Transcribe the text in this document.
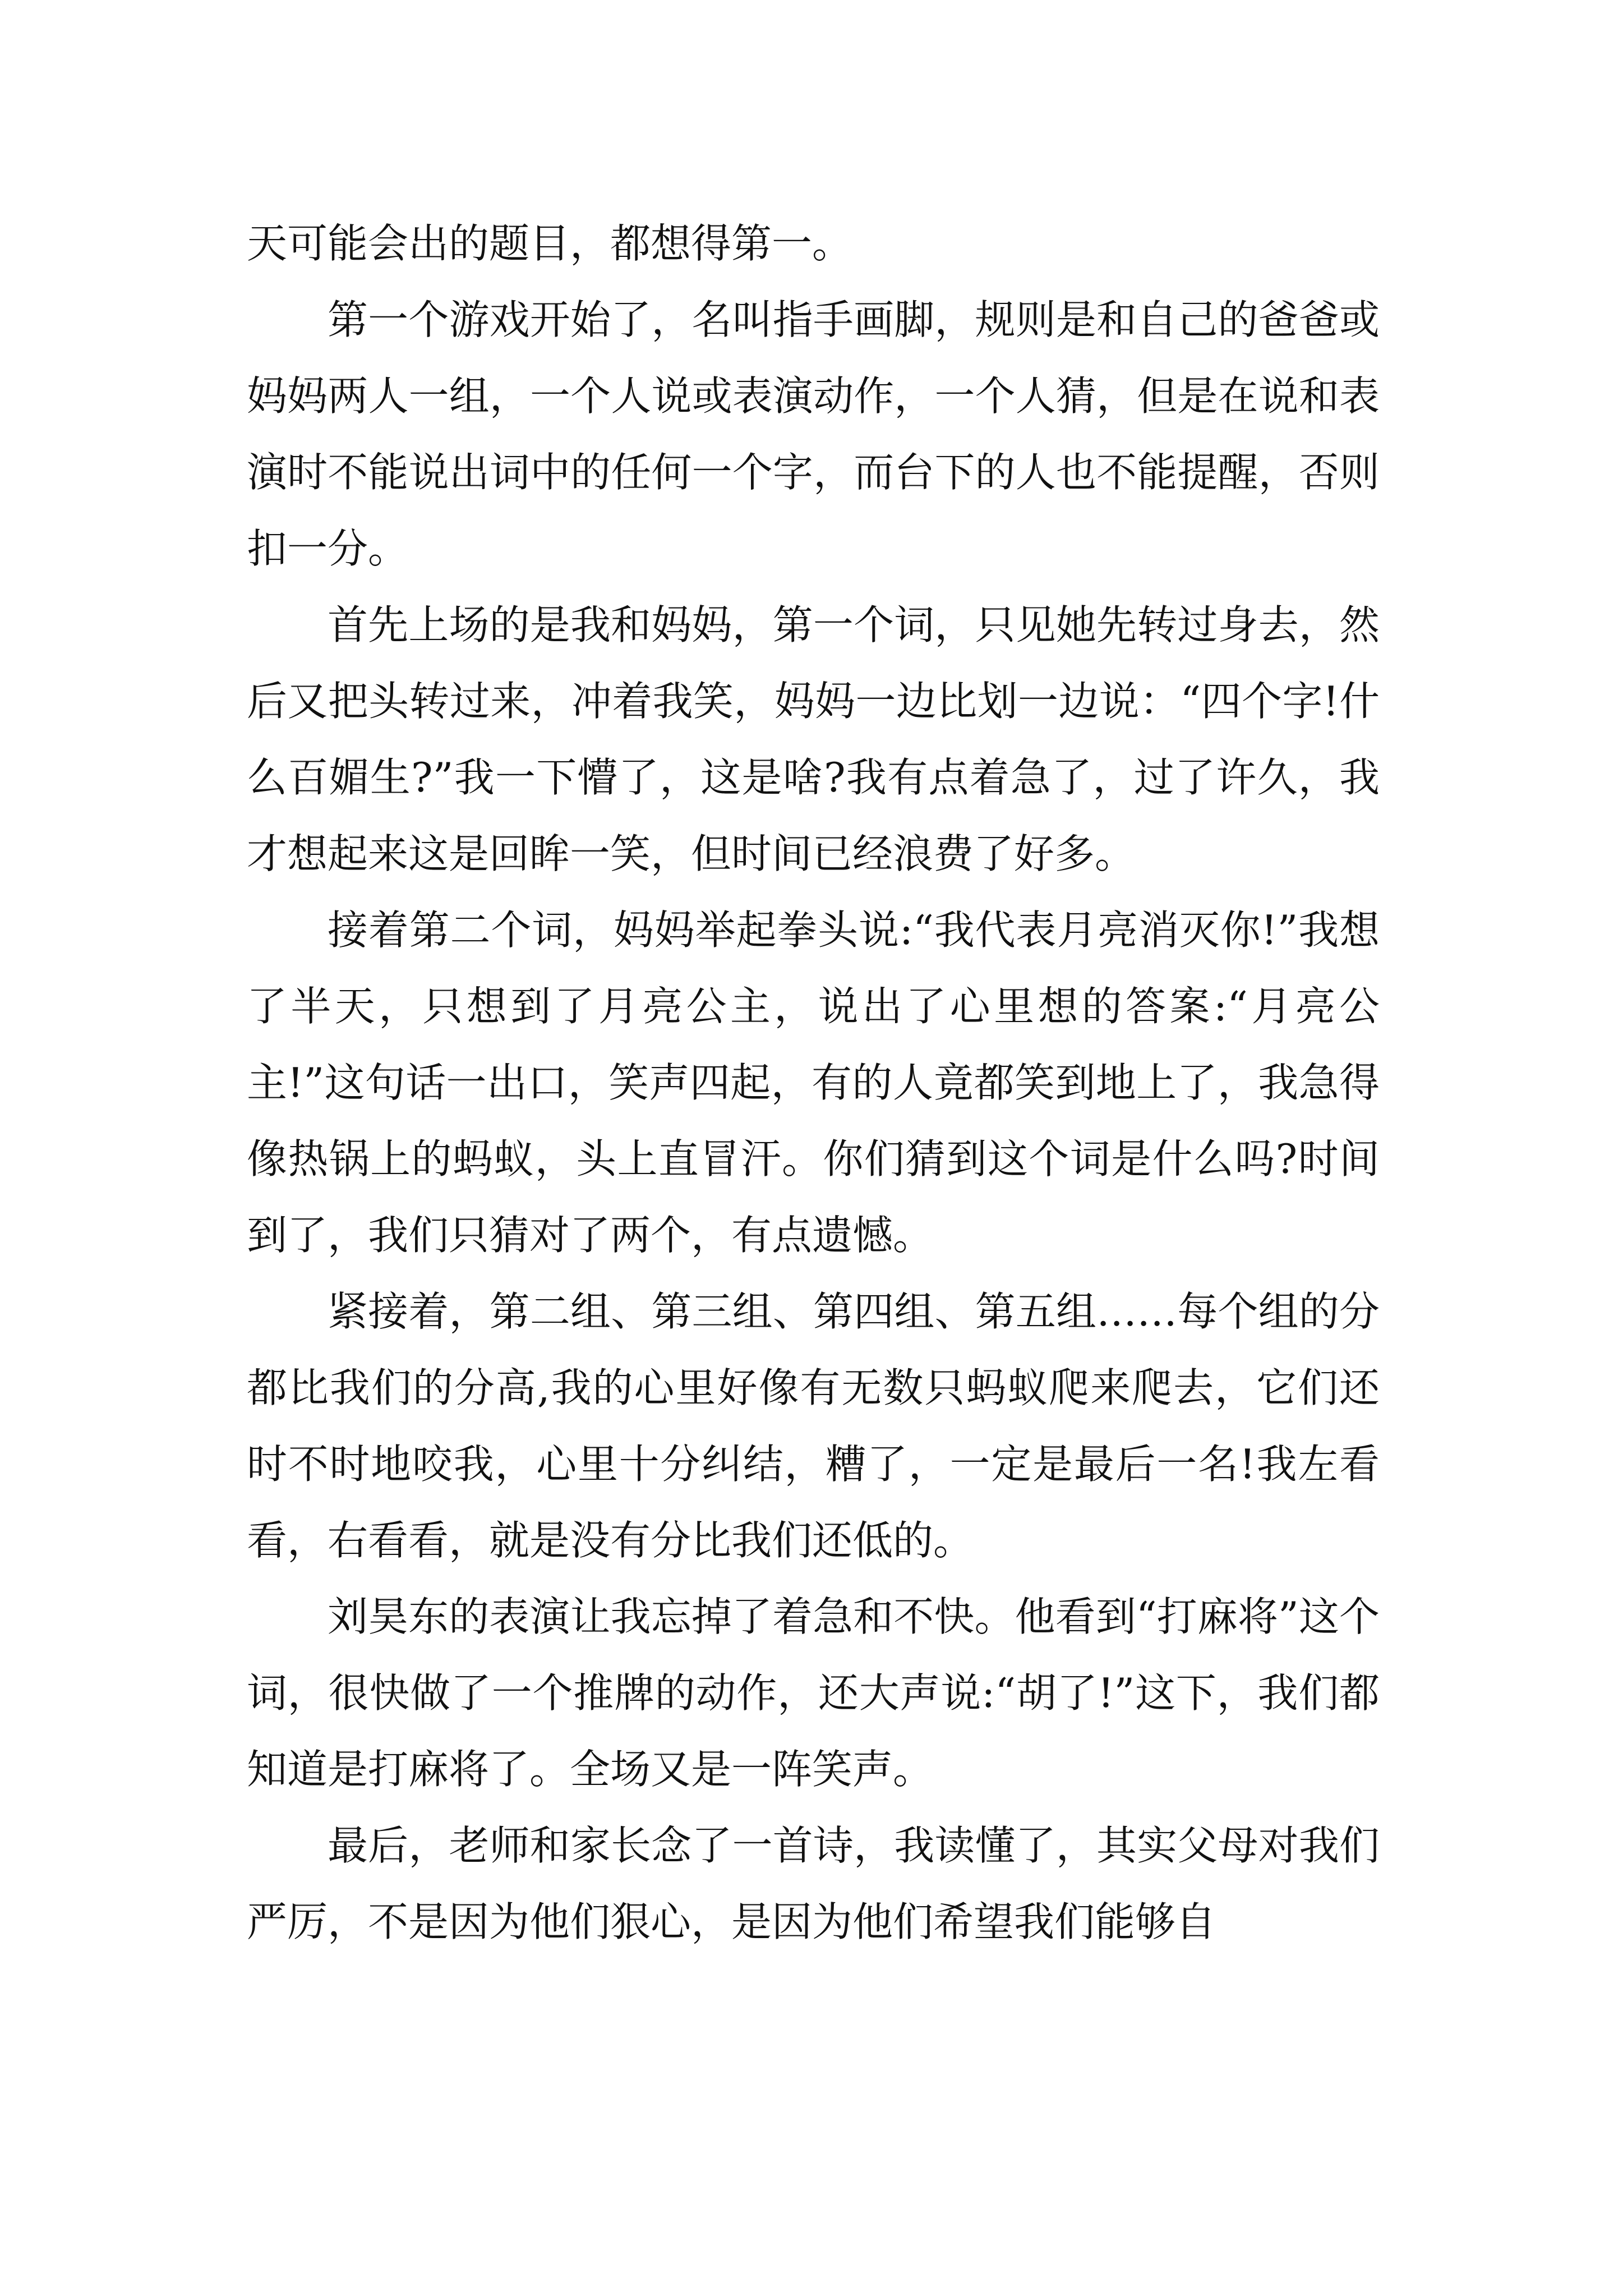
天可能会出的题目，都想得第一。

第一个游戏开始了，名叫指手画脚，规则是和自己的爸爸或妈妈两人一组，一个人说或表演动作，一个人猜，但是在说和表演时不能说出词中的任何一个字，而台下的人也不能提醒，否则扣一分。

首先上场的是我和妈妈，第一个词，只见她先转过身去，然后又把头转过来，冲着我笑，妈妈一边比划一边说：“四个字!什么百媚生?”我一下懵了，这是啥?我有点着急了，过了许久，我才想起来这是回眸一笑，但时间已经浪费了好多。

接着第二个词，妈妈举起拳头说:“我代表月亮消灭你!”我想了半天，只想到了月亮公主，说出了心里想的答案:“月亮公主!”这句话一出口，笑声四起，有的人竟都笑到地上了，我急得像热锅上的蚂蚁，头上直冒汗。你们猜到这个词是什么吗?时间到了，我们只猜对了两个，有点遗憾。

紧接着，第二组、第三组、第四组、第五组……每个组的分都比我们的分高,我的心里好像有无数只蚂蚁爬来爬去，它们还时不时地咬我，心里十分纠结，糟了，一定是最后一名!我左看看，右看看，就是没有分比我们还低的。

刘昊东的表演让我忘掉了着急和不快。他看到“打麻将”这个词，很快做了一个推牌的动作，还大声说:“胡了!”这下，我们都知道是打麻将了。全场又是一阵笑声。

最后，老师和家长念了一首诗，我读懂了，其实父母对我们严厉，不是因为他们狠心，是因为他们希望我们能够自
